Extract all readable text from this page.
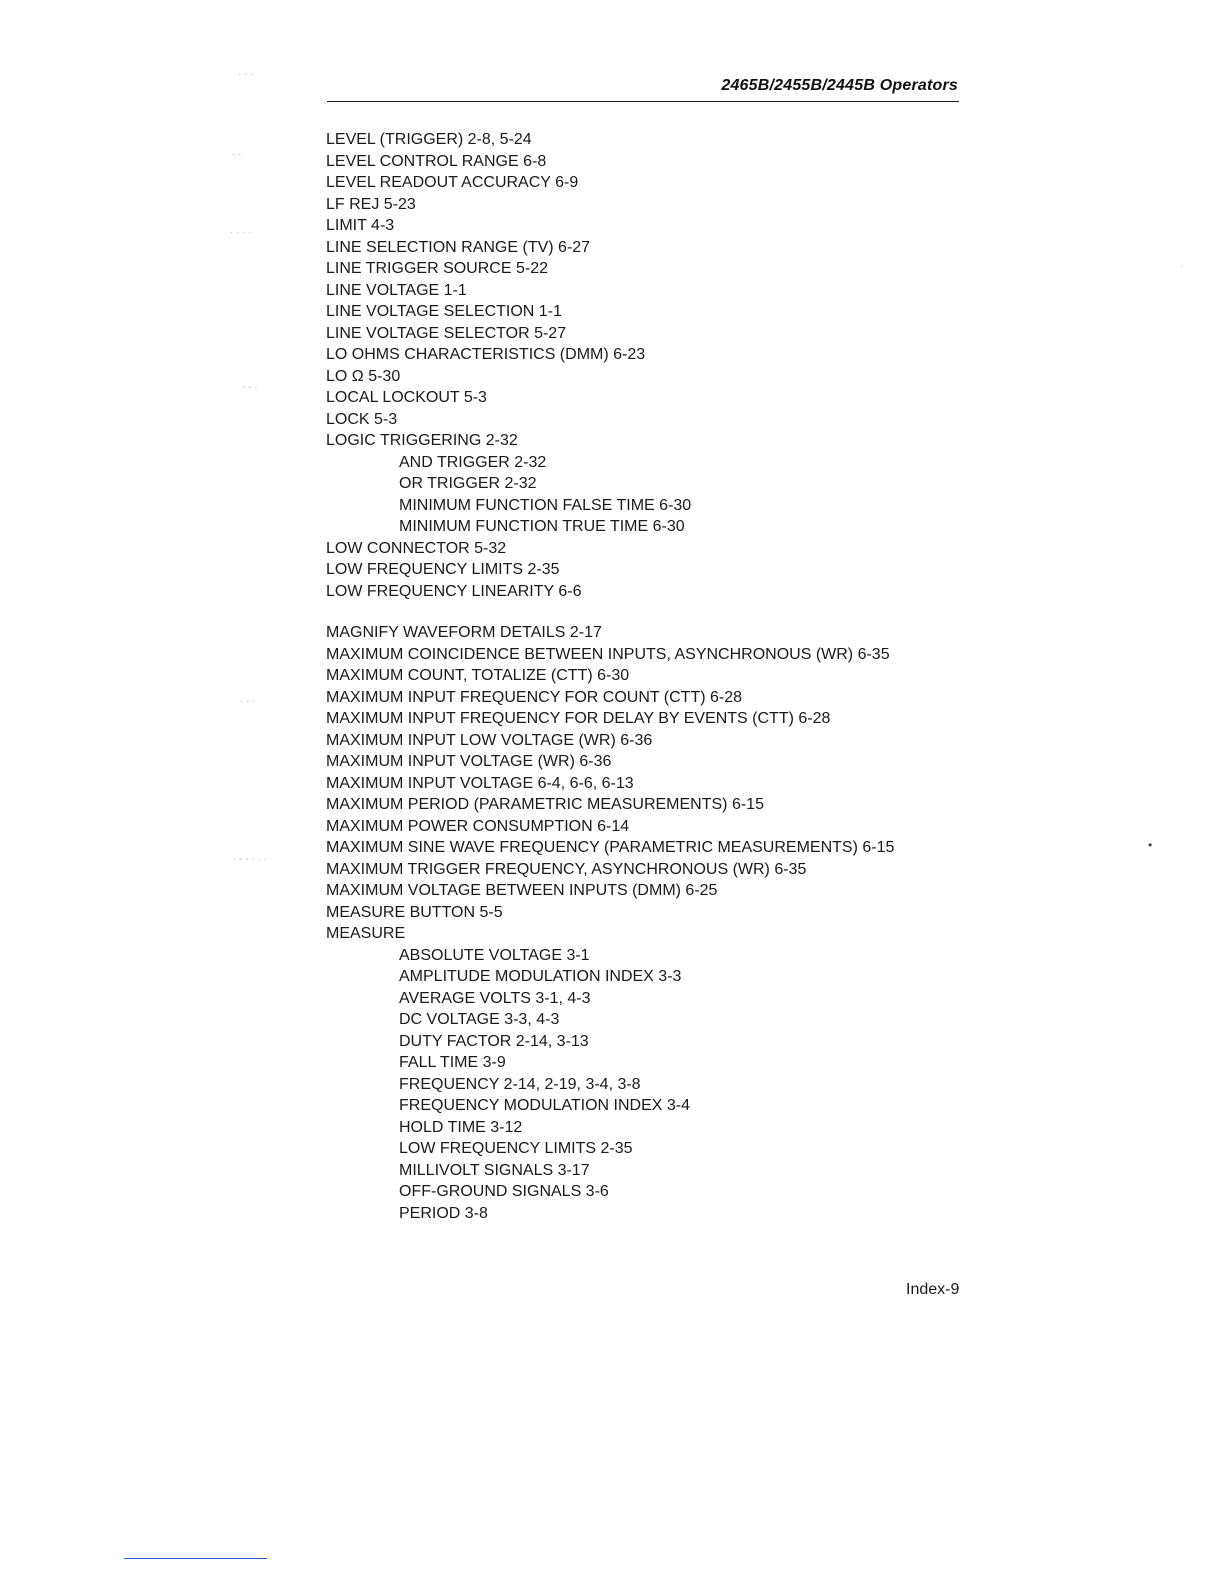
2465B/2455B/2445B Operators
LEVEL (TRIGGER) 2-8, 5-24
LEVEL CONTROL RANGE 6-8
LEVEL READOUT ACCURACY 6-9
LF REJ 5-23
LIMIT 4-3
LINE SELECTION RANGE (TV) 6-27
LINE TRIGGER SOURCE 5-22
LINE VOLTAGE 1-1
LINE VOLTAGE SELECTION 1-1
LINE VOLTAGE SELECTOR 5-27
LO OHMS CHARACTERISTICS (DMM) 6-23
LO Ω 5-30
LOCAL LOCKOUT 5-3
LOCK 5-3
LOGIC TRIGGERING 2-32
AND TRIGGER 2-32
OR TRIGGER 2-32
MINIMUM FUNCTION FALSE TIME 6-30
MINIMUM FUNCTION TRUE TIME 6-30
LOW CONNECTOR 5-32
LOW FREQUENCY LIMITS 2-35
LOW FREQUENCY LINEARITY 6-6
MAGNIFY WAVEFORM DETAILS 2-17
MAXIMUM COINCIDENCE BETWEEN INPUTS, ASYNCHRONOUS (WR) 6-35
MAXIMUM COUNT, TOTALIZE (CTT) 6-30
MAXIMUM INPUT FREQUENCY FOR COUNT (CTT) 6-28
MAXIMUM INPUT FREQUENCY FOR DELAY BY EVENTS (CTT) 6-28
MAXIMUM INPUT LOW VOLTAGE (WR) 6-36
MAXIMUM INPUT VOLTAGE (WR) 6-36
MAXIMUM INPUT VOLTAGE 6-4, 6-6, 6-13
MAXIMUM PERIOD (PARAMETRIC MEASUREMENTS) 6-15
MAXIMUM POWER CONSUMPTION 6-14
MAXIMUM SINE WAVE FREQUENCY (PARAMETRIC MEASUREMENTS) 6-15
MAXIMUM TRIGGER FREQUENCY, ASYNCHRONOUS (WR) 6-35
MAXIMUM VOLTAGE BETWEEN INPUTS (DMM) 6-25
MEASURE BUTTON 5-5
MEASURE
ABSOLUTE VOLTAGE 3-1
AMPLITUDE MODULATION INDEX 3-3
AVERAGE VOLTS 3-1, 4-3
DC VOLTAGE 3-3, 4-3
DUTY FACTOR 2-14, 3-13
FALL TIME 3-9
FREQUENCY 2-14, 2-19, 3-4, 3-8
FREQUENCY MODULATION INDEX 3-4
HOLD TIME 3-12
LOW FREQUENCY LIMITS 2-35
MILLIVOLT SIGNALS 3-17
OFF-GROUND SIGNALS 3-6
PERIOD 3-8
Index-9
· · ·
· ·
· · · ·
- - ·
· · ·
· - - · · ·
·
•
